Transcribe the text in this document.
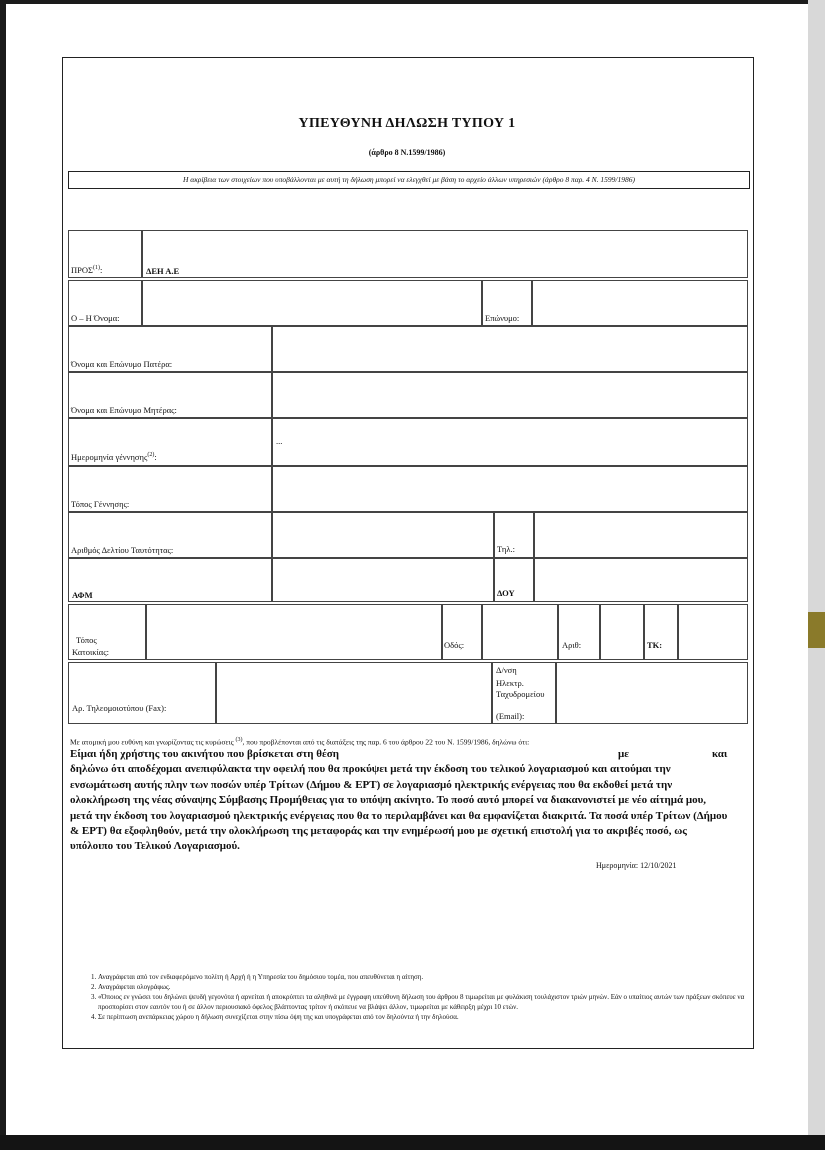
ΥΠΕΥΘΥΝΗ ΔΗΛΩΣΗ ΤΥΠΟΥ 1
(άρθρο 8 Ν.1599/1986)
Η ακρίβεια των στοιχείων που υποβάλλονται με αυτή τη δήλωση μπορεί να ελεγχθεί με βάση το αρχείο άλλων υπηρεσιών (άρθρο 8 παρ. 4 Ν. 1599/1986)
ΠΡΟΣ$^{(1)}$:	ΔΕΗ Α.Ε
Ο – Η Όνομα:	Επώνυμο:
Όνομα και Επώνυμο Πατέρα:
Όνομα και Επώνυμο Μητέρας:
Ημερομηνία γέννησης$^{(2)}$:
...
Τόπος Γέννησης:
Αριθμός Δελτίου Ταυτότητας:	Τηλ.:
ΑΦΜ	ΔΟΥ
Τόπος
Κατοικίας:
Οδός:	Αριθ:	ΤΚ:
Αρ. Τηλεομοιοτύπου (Fax):
Δ/νση
Ηλεκτρ.
Ταχυδρομείου
(Email):
Με ατομική μου ευθύνη και γνωρίζοντας τις κυρώσεις $^{(3)}$, που προβλέπονται από τις διατάξεις της παρ. 6 του άρθρου 22 του Ν. 1599/1986, δηλώνω ότι:
Είμαι ήδη χρήστης του ακινήτου που βρίσκεται στη θέση	με	και
δηλώνω ότι αποδέχομαι ανεπιφύλακτα την οφειλή που θα προκύψει μετά την έκδοση του τελικού λογαριασμού και αιτούμαι την ενσωμάτωση αυτής πλην των ποσών υπέρ Τρίτων (Δήμου & ΕΡΤ) σε λογαριασμό ηλεκτρικής ενέργειας που θα εκδοθεί μετά την ολοκλήρωση της νέας σύναψης Σύμβασης Προμήθειας για το υπόψη ακίνητο. Το ποσό αυτό μπορεί να διακανονιστεί με νέο αίτημά μου, μετά την έκδοση του λογαριασμού ηλεκτρικής ενέργειας που θα το περιλαμβάνει και θα εμφανίζεται διακριτά. Τα ποσά υπέρ Τρίτων (Δήμου & ΕΡΤ) θα εξοφληθούν, μετά την ολοκλήρωση της μεταφοράς και την ενημέρωσή μου με σχετική επιστολή για το ακριβές ποσό, ως υπόλοιπο του Τελικού Λογαριασμού.
Ημερομηνία: 12/10/2021
1. Αναγράφεται από τον ενδιαφερόμενο πολίτη ή Αρχή ή η Υπηρεσία του δημόσιου τομέα, που απευθύνεται η αίτηση.
2. Αναγράφεται ολογράφως.
3. «Όποιος εν γνώσει του δηλώνει ψευδή γεγονότα ή αρνείται ή αποκρύπτει τα αληθινά με έγγραφη υπεύθυνη δήλωση του άρθρου 8 τιμωρείται με φυλάκιση τουλάχιστον τριών μηνών. Εάν ο υπαίτιος αυτών των πράξεων σκόπευε να προσπορίσει στον εαυτόν του ή σε άλλον περιουσιακό όφελος βλάπτοντας τρίτον ή σκόπευε να βλάψει άλλον, τιμωρείται με κάθειρξη μέχρι 10 ετών.
4. Σε περίπτωση ανεπάρκειας χώρου η δήλωση συνεχίζεται στην πίσω όψη της και υπογράφεται από τον δηλούντα ή την δηλούσα.
